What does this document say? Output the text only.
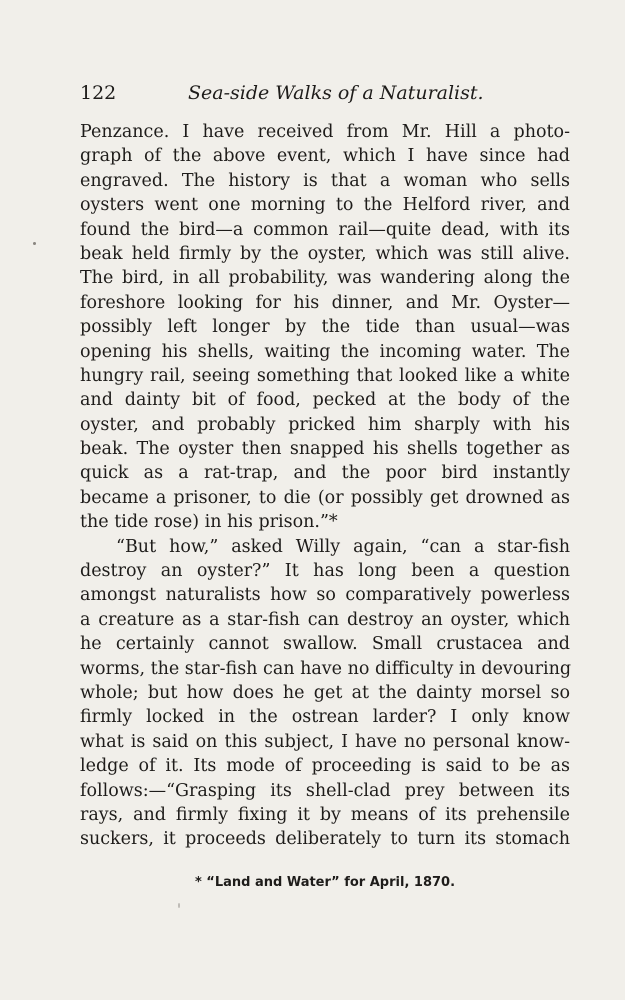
122	Sea-side Walks of a Naturalist.
Penzance. I have received from Mr. Hill a photo-
graph of the above event, which I have since had
engraved. The history is that a woman who sells
oysters went one morning to the Helford river, and
found the bird—a common rail—quite dead, with its
beak held firmly by the oyster, which was still alive.
The bird, in all probability, was wandering along the
foreshore looking for his dinner, and Mr. Oyster—
possibly left longer by the tide than usual—was
opening his shells, waiting the incoming water. The
hungry rail, seeing something that looked like a white
and dainty bit of food, pecked at the body of the
oyster, and probably pricked him sharply with his
beak. The oyster then snapped his shells together as
quick as a rat-trap, and the poor bird instantly
became a prisoner, to die (or possibly get drowned as
the tide rose) in his prison.”*
“But how,” asked Willy again, “can a star-fish
destroy an oyster?” It has long been a question
amongst naturalists how so comparatively powerless
a creature as a star-fish can destroy an oyster, which
he certainly cannot swallow. Small crustacea and
worms, the star-fish can have no difficulty in devouring
whole; but how does he get at the dainty morsel so
firmly locked in the ostrean larder? I only know
what is said on this subject, I have no personal know-
ledge of it. Its mode of proceeding is said to be as
follows:—“Grasping its shell-clad prey between its
rays, and firmly fixing it by means of its prehensile
suckers, it proceeds deliberately to turn its stomach
* “Land and Water” for April, 1870.
